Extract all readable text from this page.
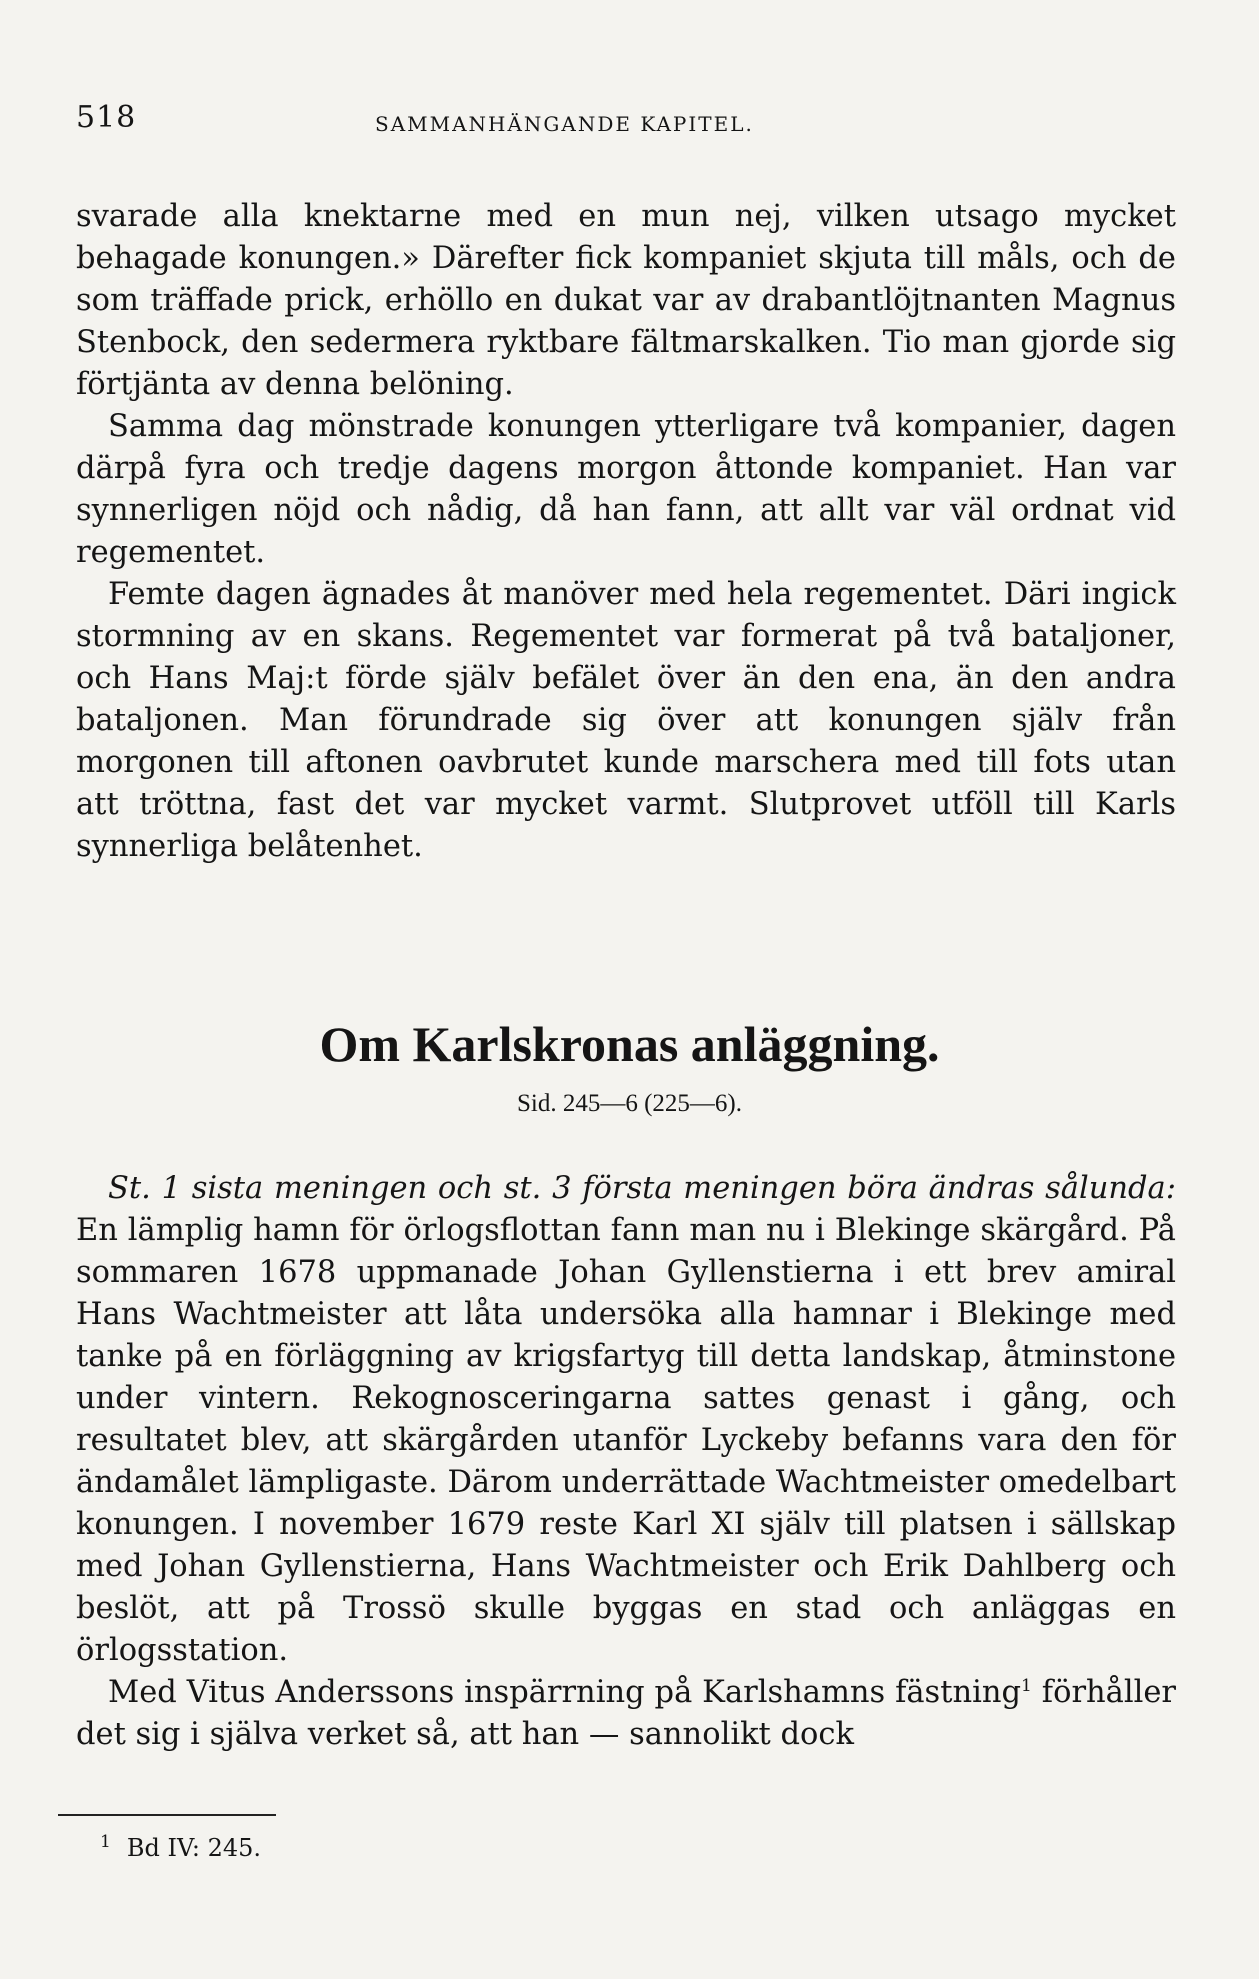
518	SAMMANHÄNGANDE KAPITEL.

svarade alla knektarne med en mun nej, vilken utsago mycket behagade konungen.» Därefter fick kompaniet skjuta till måls, och de som träffade prick, erhöllo en dukat var av drabantlöjtnanten Magnus Stenbock, den sedermera ryktbare fältmarskalken. Tio man gjorde sig förtjänta av denna belöning.

Samma dag mönstrade konungen ytterligare två kompanier, dagen därpå fyra och tredje dagens morgon åttonde kompaniet. Han var synnerligen nöjd och nådig, då han fann, att allt var väl ordnat vid regementet.

Femte dagen ägnades åt manöver med hela regementet. Däri ingick stormning av en skans. Regementet var formerat på två bataljoner, och Hans Maj:t förde själv befälet över än den ena, än den andra bataljonen. Man förundrade sig över att konungen själv från morgonen till aftonen oavbrutet kunde marschera med till fots utan att tröttna, fast det var mycket varmt. Slutprovet utföll till Karls synnerliga belåtenhet.

Om Karlskronas anläggning.
Sid. 245—6 (225—6).

St. 1 sista meningen och st. 3 första meningen böra ändras sålunda: En lämplig hamn för örlogsflottan fann man nu i Blekinge skärgård. På sommaren 1678 uppmanade Johan Gyllenstierna i ett brev amiral Hans Wachtmeister att låta undersöka alla hamnar i Blekinge med tanke på en förläggning av krigsfartyg till detta landskap, åtminstone under vintern. Rekognosceringarna sattes genast i gång, och resultatet blev, att skärgården utanför Lyckeby befanns vara den för ändamålet lämpligaste. Därom underrättade Wachtmeister omedelbart konungen. I november 1679 reste Karl XI själv till platsen i sällskap med Johan Gyllenstierna, Hans Wachtmeister och Erik Dahlberg och beslöt, att på Trossö skulle byggas en stad och anläggas en örlogsstation.

Med Vitus Anderssons inspärrning på Karlshamns fästning$^1$ förhåller det sig i själva verket så, att han — sannolikt dock

$^1$ Bd IV: 245.
